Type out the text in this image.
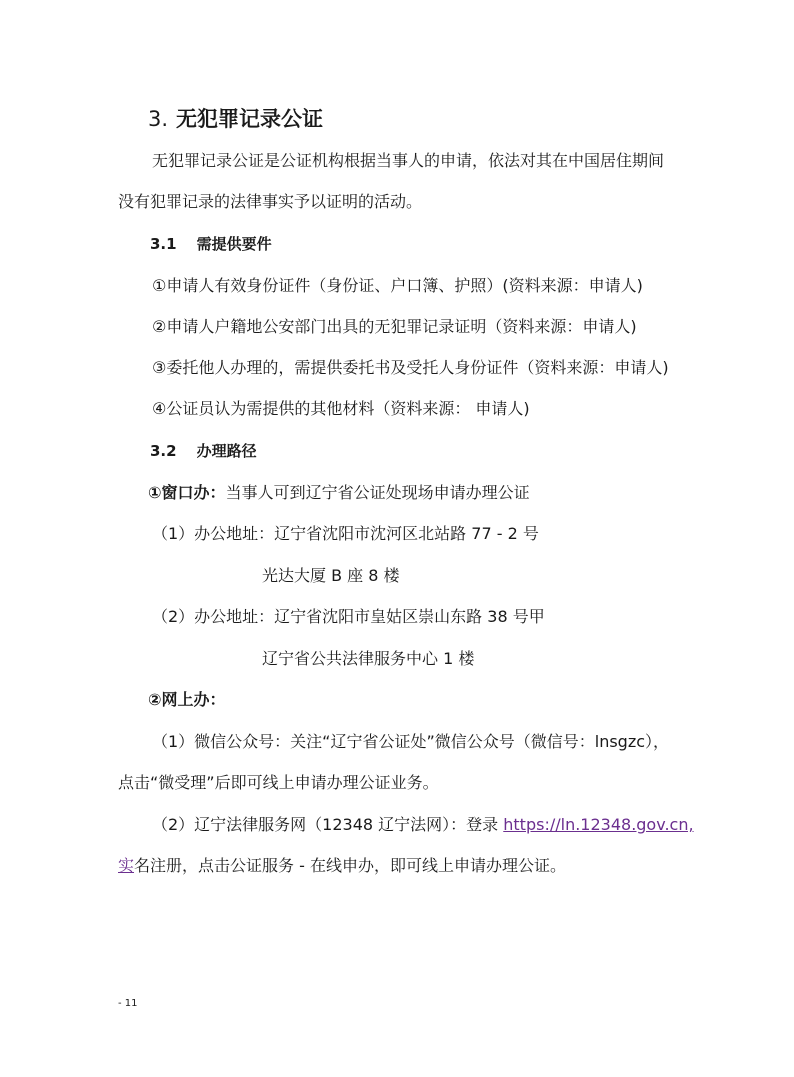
3. 无犯罪记录公证
无犯罪记录公证是公证机构根据当事人的申请，依法对其在中国居住期间
没有犯罪记录的法律事实予以证明的活动。
3.1 需提供要件
①申请人有效身份证件（身份证、户口簿、护照）(资料来源：申请人)
②申请人户籍地公安部门出具的无犯罪记录证明（资料来源：申请人)
③委托他人办理的，需提供委托书及受托人身份证件（资料来源：申请人)
④公证员认为需提供的其他材料（资料来源： 申请人)
3.2 办理路径
①窗口办：当事人可到辽宁省公证处现场申请办理公证
（1）办公地址：辽宁省沈阳市沈河区北站路 77 - 2 号
光达大厦 B 座 8 楼
（2）办公地址：辽宁省沈阳市皇姑区崇山东路 38 号甲
辽宁省公共法律服务中心 1 楼
②网上办：
（1）微信公众号：关注“辽宁省公证处”微信公众号（微信号：lnsgzc），
点击“微受理”后即可线上申请办理公证业务。
（2）辽宁法律服务网（12348 辽宁法网）：登录 https://ln.12348.gov.cn,
实名注册，点击公证服务 - 在线申办，即可线上申请办理公证。
- 11
